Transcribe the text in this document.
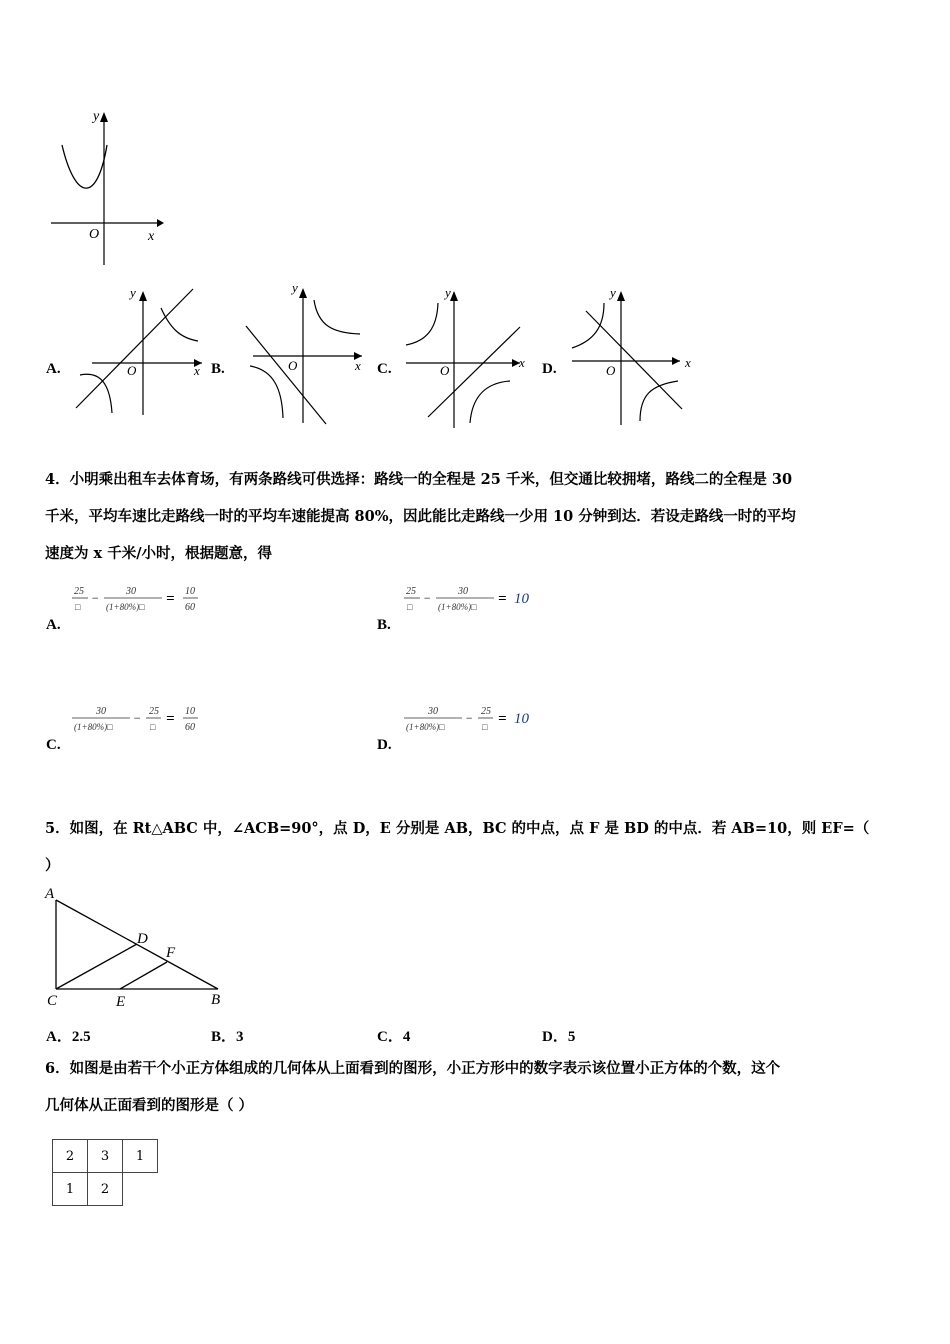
y
x
O
A.
y
x
O	B.
y
x
O	C.
y
x
O	D.
y
x
O
4．小明乘出租车去体育场，有两条路线可供选择：路线一的全程是 25 千米，但交通比较拥堵，路线二的全程是 30
千米，平均车速比走路线一时的平均车速能提高 80%，因此能比走路线一少用 10 分钟到达．若设走路线一时的平均
速度为 x 千米/小时，根据题意，得
A.
25
□
−	30
(1+80%)□ = 10
60
B.
25
□
−	30
(1+80%)□ = 10
C.
30
(1+80%)□
− 25
□ = 10
60
D.
30
(1+80%)□
− 25
□ = 10
5．如图，在 Rt△ABC 中，∠ACB=90°，点 D，E 分别是 AB，BC 的中点，点 F 是 BD 的中点．若 AB=10，则 EF=（
）
A
D
F
C	E	B
A．2.5	B．3	C．4	D．5
6．如图是由若干个小正方体组成的几何体从上面看到的图形，小正方形中的数字表示该位置小正方体的个数，这个
几何体从正面看到的图形是（ ）
2	3	1
1	2	
